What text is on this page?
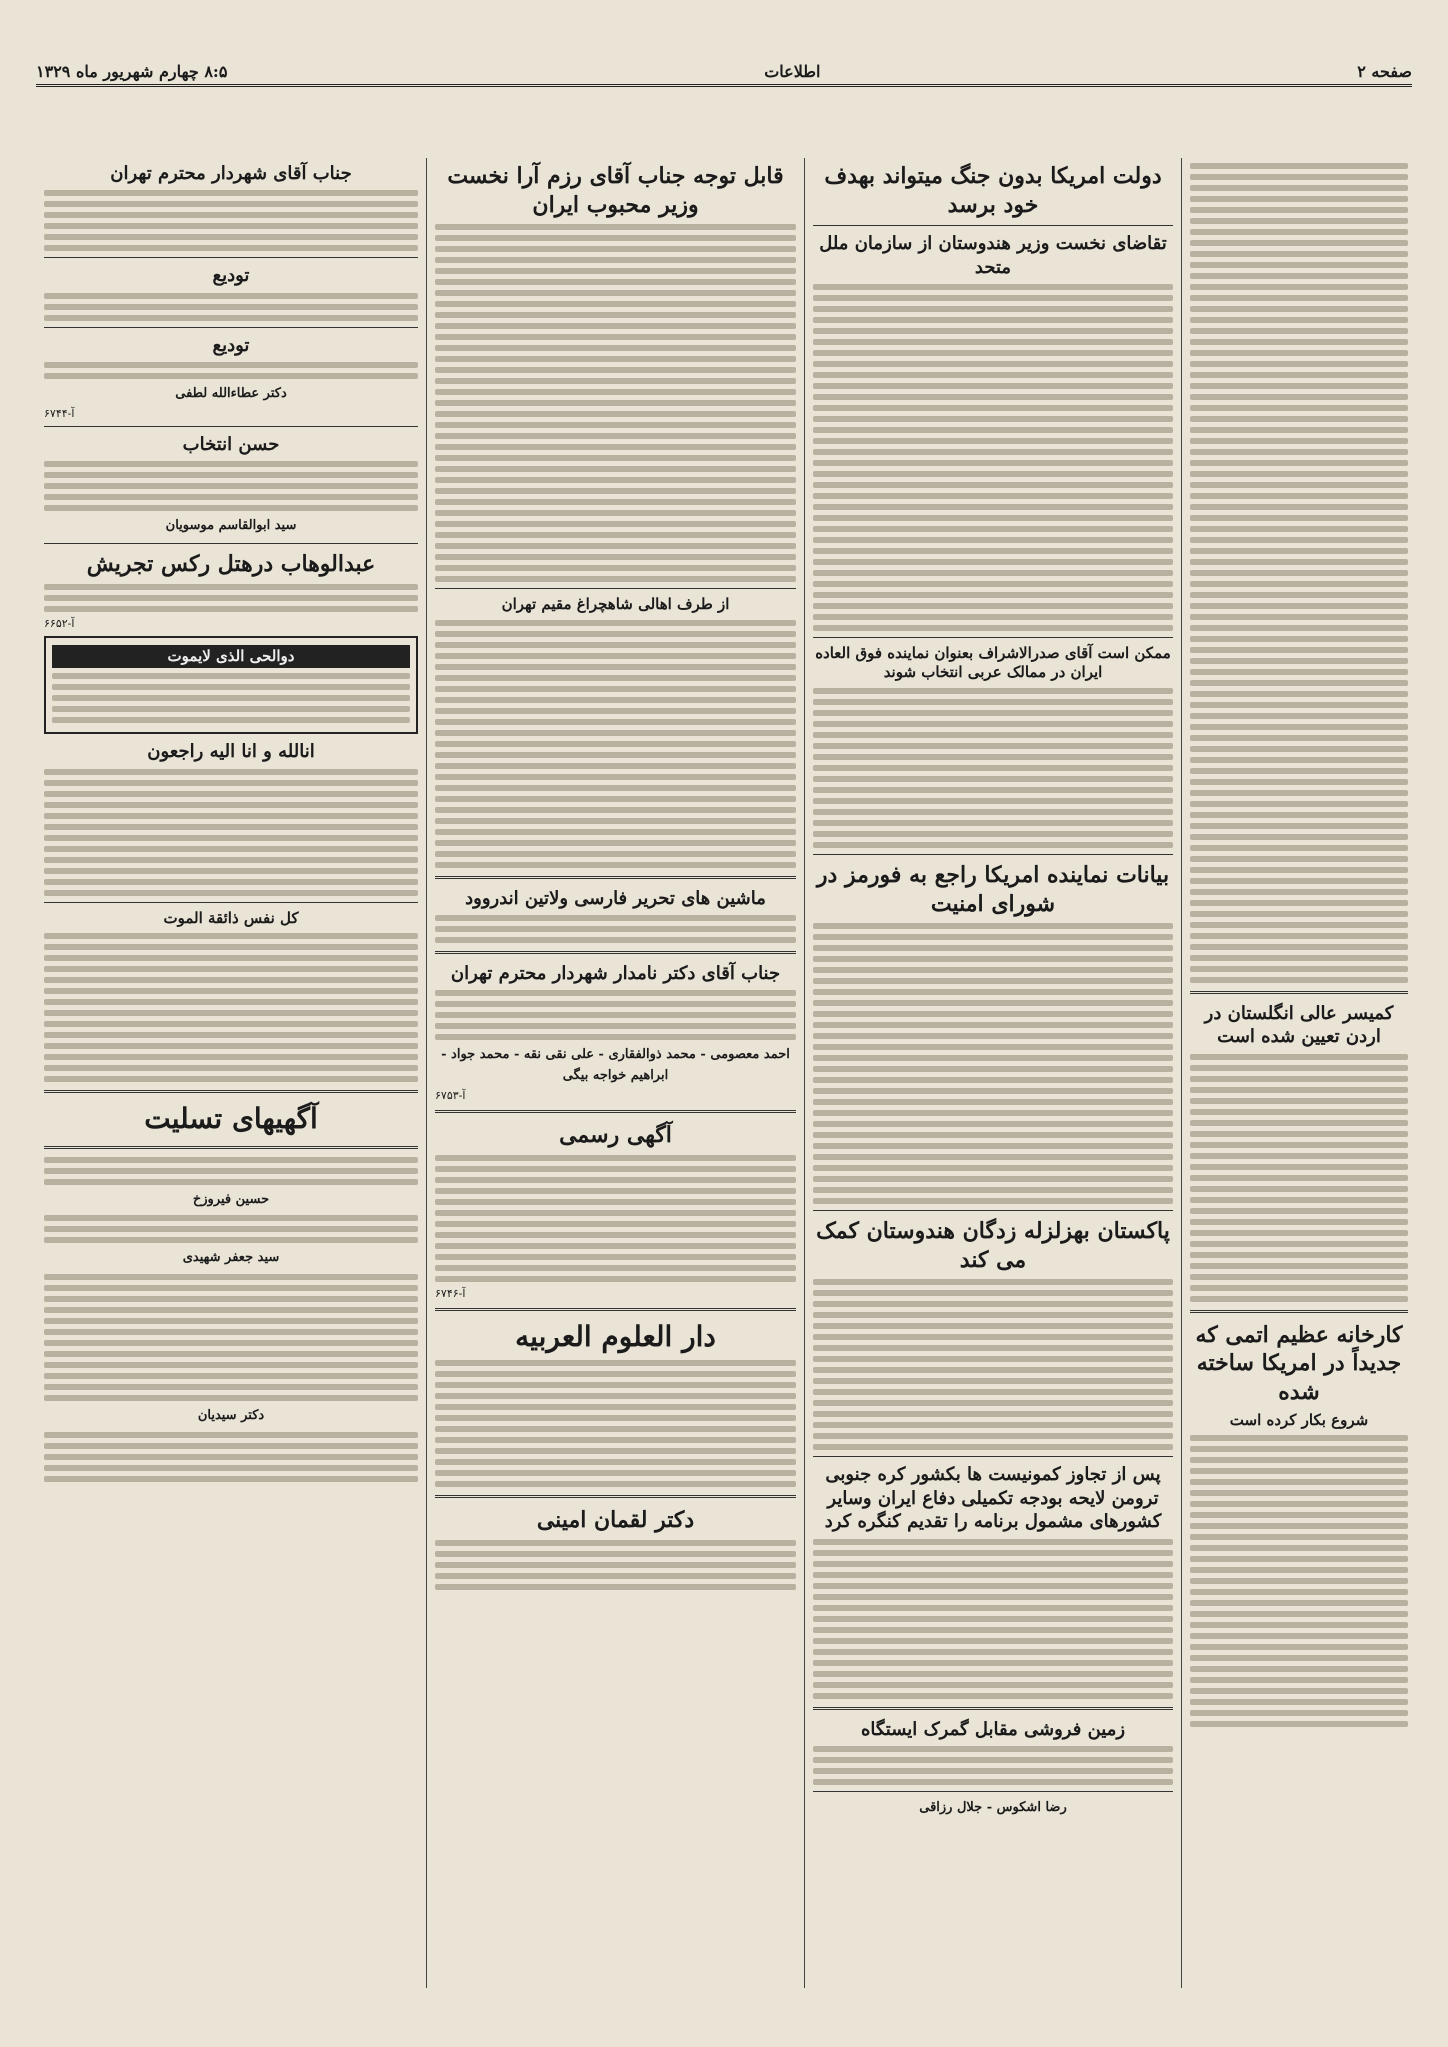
صفحه ۲
اطلاعات
۸:۵ چهارم شهریور ماه ۱۳۲۹
کمیسر عالی انگلستان در اردن تعیین شده است
کارخانه عظیم اتمی که جدیداً در امریکا ساخته شده
شروع بکار کرده است
دولت امریکا بدون جنگ میتواند بهدف خود برسد
تقاضای نخست وزیر هندوستان از سازمان ملل متحد
ممکن است آقای صدرالاشراف بعنوان نماینده فوق العاده ایران در ممالک عربی انتخاب شوند
بیانات نماینده امریکا راجع به فورمز در شورای امنیت
پاکستان بهزلزله زدگان هندوستان کمک می کند
پس از تجاوز کمونیست ها بکشور کره جنوبی ترومن لایحه بودجه تکمیلی دفاع ایران وسایر کشورهای مشمول برنامه را تقدیم کنگره کرد
زمین فروشی مقابل گمرک ایستگاه
رضا اشکوس - جلال رزاقی
قابل توجه جناب آقای رزم آرا نخست وزیر محبوب ایران
از طرف اهالی شاهچراغ مقیم تهران
ماشین های تحریر فارسی ولاتین اندروود
جناب آقای دکتر نامدار شهردار محترم تهران
احمد معصومی - محمد ذوالفقاری - علی نقی نقه - محمد جواد - ابراهیم خواجه بیگی
آ-۶۷۵۳
آگهی رسمی
آ-۶۷۴۶
دار العلوم العربیه
دکتر لقمان امینی
جناب آقای شهردار محترم تهران
تودیع
تودیع
دکتر عطاءالله لطفی
آ-۶۷۴۴
حسن انتخاب
سید ابوالقاسم موسویان
عبدالوهاب درهتل رکس تجریش
آ-۶۶۵۲
دوالحی الذی لایموت
انالله و انا الیه راجعون
کل نفس ذائقة الموت
آگهیهای تسلیت
حسین فیروزخ
سید جعفر شهیدی
دکتر سیدیان
